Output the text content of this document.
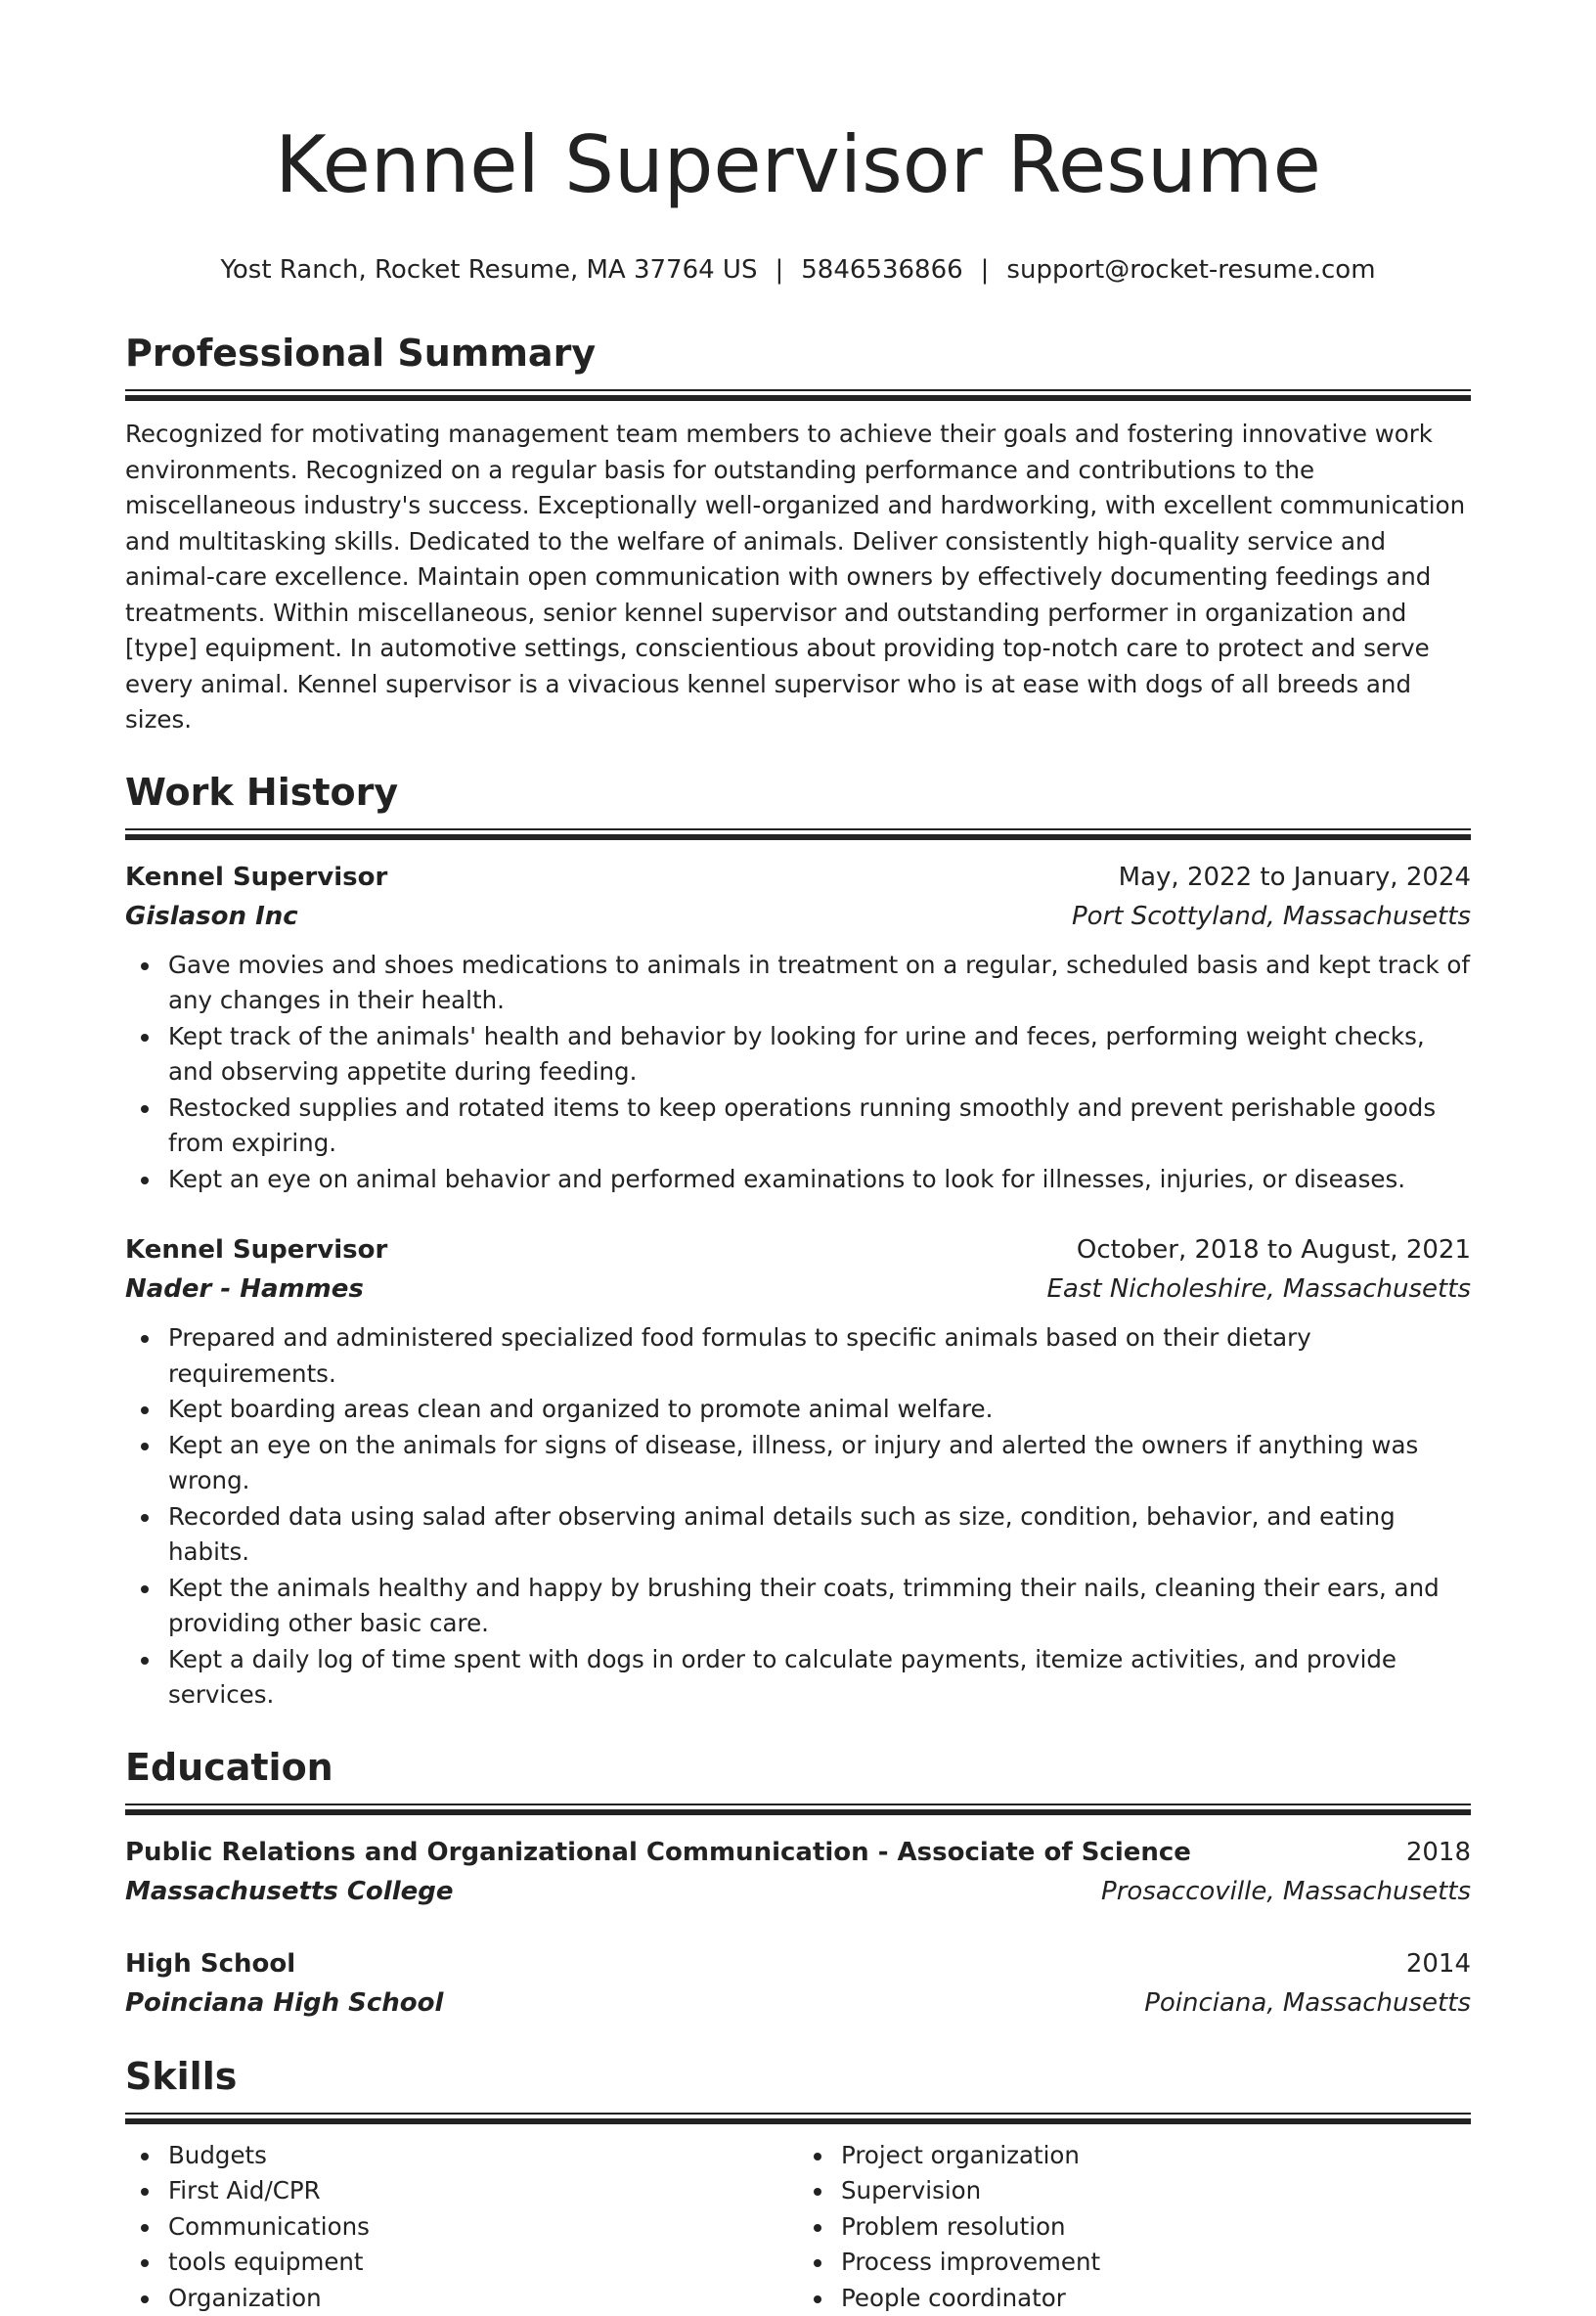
Kennel Supervisor Resume
Yost Ranch, Rocket Resume, MA 37764 US | 5846536866 | support@rocket-resume.com
Professional Summary

Recognized for motivating management team members to achieve their goals and fostering innovative work environments. Recognized on a regular basis for outstanding performance and contributions to the miscellaneous industry's success. Exceptionally well-organized and hardworking, with excellent communication and multitasking skills. Dedicated to the welfare of animals. Deliver consistently high-quality service and animal-care excellence. Maintain open communication with owners by effectively documenting feedings and treatments. Within miscellaneous, senior kennel supervisor and outstanding performer in organization and [type] equipment. In automotive settings, conscientious about providing top-notch care to protect and serve every animal. Kennel supervisor is a vivacious kennel supervisor who is at ease with dogs of all breeds and sizes.

Work History
Kennel Supervisor	May, 2022 to January, 2024
Gislason Inc	Port Scottyland, Massachusetts
Gave movies and shoes medications to animals in treatment on a regular, scheduled basis and kept track of any changes in their health.
Kept track of the animals' health and behavior by looking for urine and feces, performing weight checks, and observing appetite during feeding.
Restocked supplies and rotated items to keep operations running smoothly and prevent perishable goods from expiring.
Kept an eye on animal behavior and performed examinations to look for illnesses, injuries, or diseases.
Kennel Supervisor	October, 2018 to August, 2021
Nader - Hammes	East Nicholeshire, Massachusetts
Prepared and administered specialized food formulas to specific animals based on their dietary requirements.
Kept boarding areas clean and organized to promote animal welfare.
Kept an eye on the animals for signs of disease, illness, or injury and alerted the owners if anything was wrong.
Recorded data using salad after observing animal details such as size, condition, behavior, and eating habits.
Kept the animals healthy and happy by brushing their coats, trimming their nails, cleaning their ears, and providing other basic care.
Kept a daily log of time spent with dogs in order to calculate payments, itemize activities, and provide services.
Education
Public Relations and Organizational Communication - Associate of Science	2018
Massachusetts College	Prosaccoville, Massachusetts
High School	2014
Poinciana High School	Poinciana, Massachusetts
Skills
Budgets
First Aid/CPR
Communications
tools equipment
Organization
Project organization
Supervision
Problem resolution
Process improvement
People coordinator
